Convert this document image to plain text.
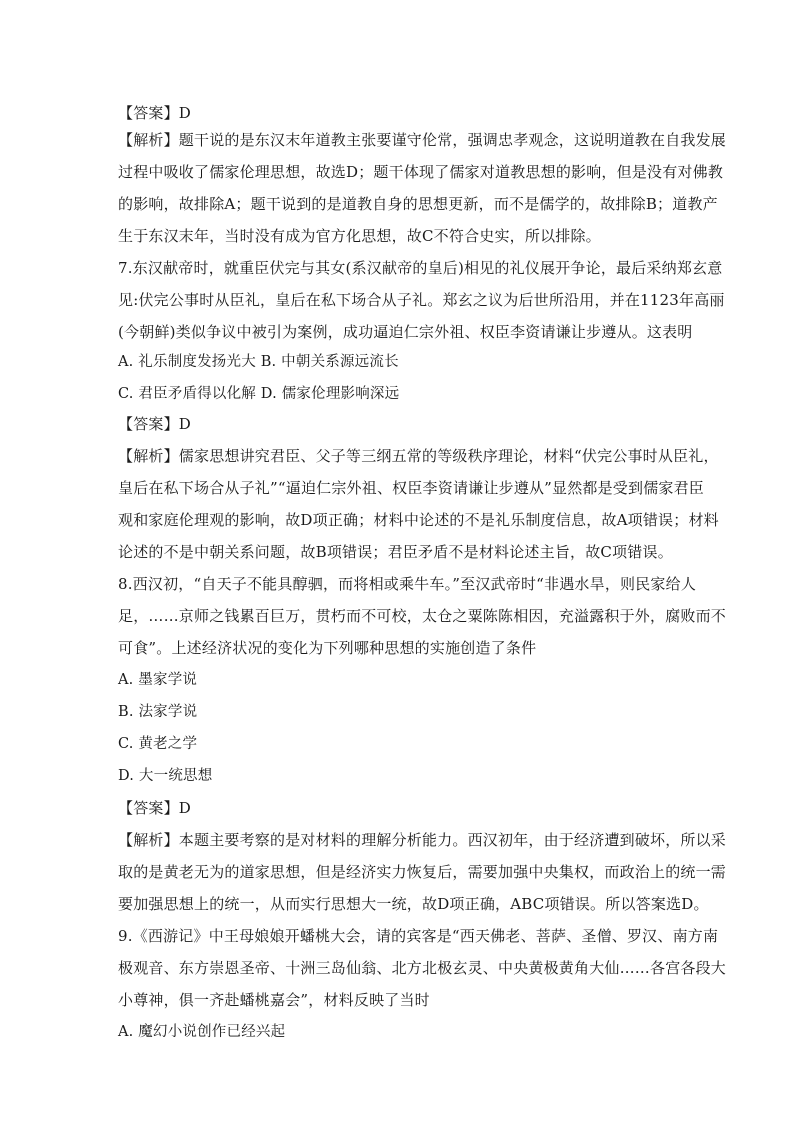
【答案】D
【解析】题干说的是东汉末年道教主张要谨守伦常，强调忠孝观念，这说明道教在自我发展
过程中吸收了儒家伦理思想，故选D；题干体现了儒家对道教思想的影响，但是没有对佛教
的影响，故排除A；题干说到的是道教自身的思想更新，而不是儒学的，故排除B；道教产
生于东汉末年，当时没有成为官方化思想，故C不符合史实，所以排除。
7.东汉献帝时，就重臣伏完与其女(系汉献帝的皇后)相见的礼仪展开争论，最后采纳郑玄意
见:伏完公事时从臣礼，皇后在私下场合从子礼。郑玄之议为后世所沿用，并在1123年高丽
(今朝鲜)类似争议中被引为案例，成功逼迫仁宗外祖、权臣李资请谦让步遵从。这表明
A. 礼乐制度发扬光大 B. 中朝关系源远流长
C. 君臣矛盾得以化解 D. 儒家伦理影响深远
【答案】D
【解析】儒家思想讲究君臣、父子等三纲五常的等级秩序理论，材料“伏完公事时从臣礼，
皇后在私下场合从子礼”“逼迫仁宗外祖、权臣李资请谦让步遵从”显然都是受到儒家君臣
观和家庭伦理观的影响，故D项正确；材料中论述的不是礼乐制度信息，故A项错误；材料
论述的不是中朝关系问题，故B项错误；君臣矛盾不是材料论述主旨，故C项错误。
8.西汉初，“自天子不能具醇驷，而将相或乘牛车。”至汉武帝时“非遇水旱，则民家给人
足，……京师之钱累百巨万，贯朽而不可校，太仓之粟陈陈相因，充溢露积于外，腐败而不
可食”。上述经济状况的变化为下列哪种思想的实施创造了条件
A. 墨家学说
B. 法家学说
C. 黄老之学
D. 大一统思想
【答案】D
【解析】本题主要考察的是对材料的理解分析能力。西汉初年，由于经济遭到破坏，所以采
取的是黄老无为的道家思想，但是经济实力恢复后，需要加强中央集权，而政治上的统一需
要加强思想上的统一，从而实行思想大一统，故D项正确，ABC项错误。所以答案选D。
9.《西游记》中王母娘娘开蟠桃大会，请的宾客是“西天佛老、菩萨、圣僧、罗汉、南方南
极观音、东方崇恩圣帝、十洲三岛仙翁、北方北极玄灵、中央黄极黄角大仙……各宫各段大
小尊神，俱一齐赴蟠桃嘉会”，材料反映了当时
A. 魔幻小说创作已经兴起
